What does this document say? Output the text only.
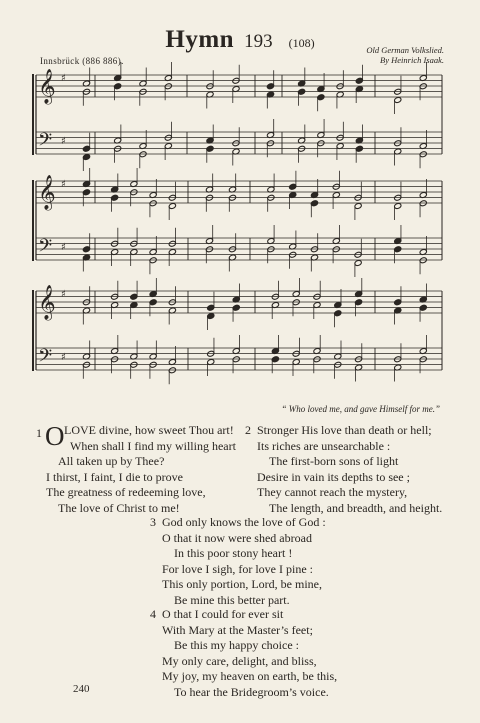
Hymn 193 (108)
Innsbrück (886 886).
Old German Volkslied.
By Heinrich Isaak.
𝄞 ♯
𝄢 ♯
𝄞 ♯
𝄢 ♯
𝄞 ♯
𝄢 ♯
“ Who loved me, and gave Himself for me.”
1 O LOVE divine, how sweet Thou art!
When shall I find my willing heart
All taken up by Thee?
I thirst, I faint, I die to prove
The greatness of redeeming love,
The love of Christ to me!
2 Stronger His love than death or hell;
Its riches are unsearchable :
The first-born sons of light
Desire in vain its depths to see ;
They cannot reach the mystery,
The length, and breadth, and height.
3 God only knows the love of God :
O that it now were shed abroad
In this poor stony heart !
For love I sigh, for love I pine :
This only portion, Lord, be mine,
Be mine this better part.
4 O that I could for ever sit
With Mary at the Master’s feet;
Be this my happy choice :
My only care, delight, and bliss,
My joy, my heaven on earth, be this,
To hear the Bridegroom’s voice.
240
